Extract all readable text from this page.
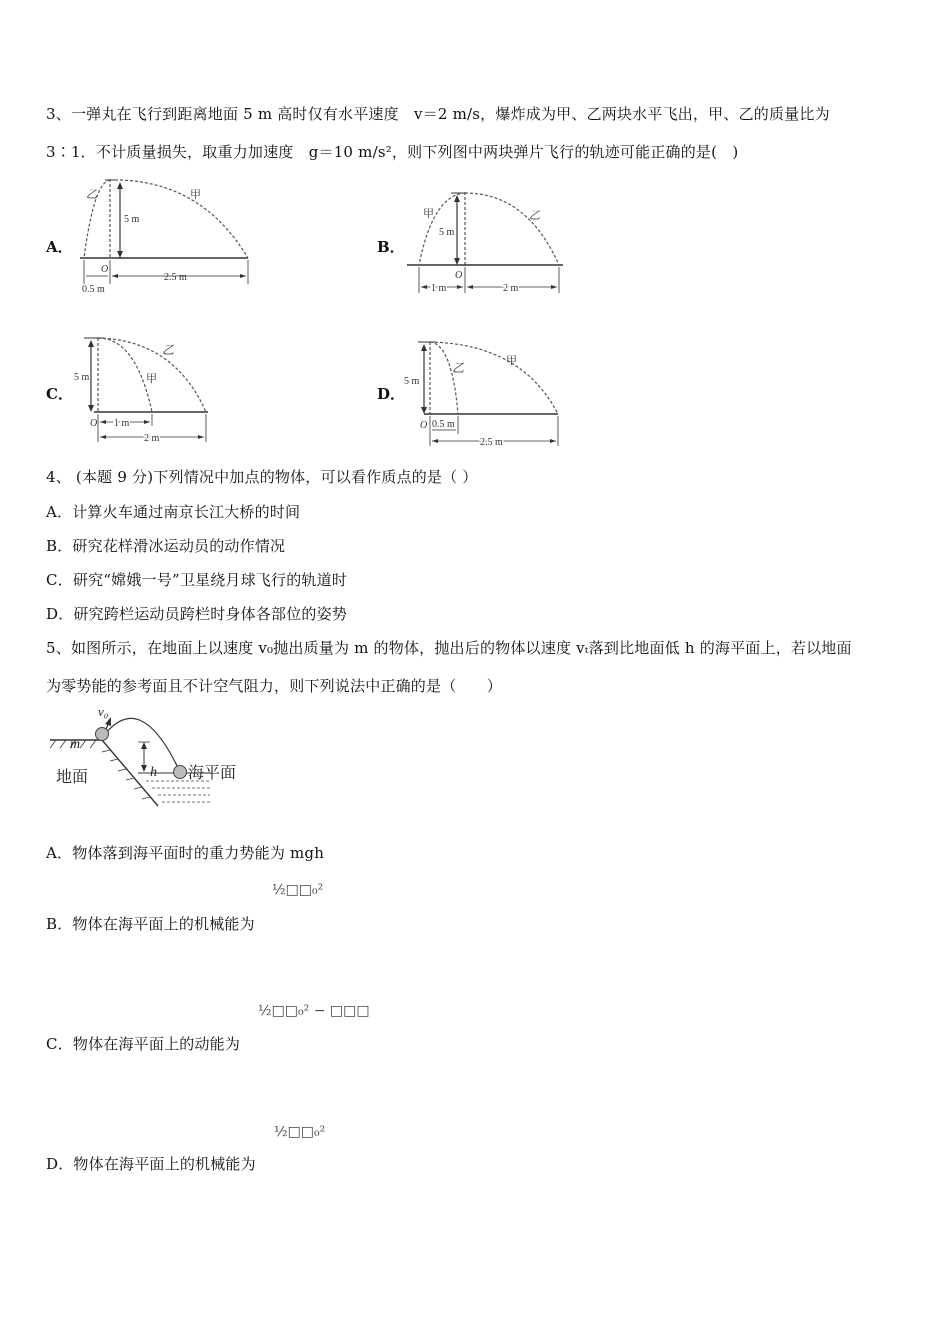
3、一弹丸在飞行到距离地面 5 m 高时仅有水平速度　v＝2 m/s，爆炸成为甲、乙两块水平飞出，甲、乙的质量比为
3∶1．不计质量损失，取重力加速度　g＝10 m/s²，则下列图中两块弹片飞行的轨迹可能正确的是(　)
A．
乙	甲
5 m
O
2.5 m
0.5 m
B．
甲	乙
5 m
O
1 m	2 m
C．
甲
乙
5 m
O 1 m
2 m
D．
乙	甲
5 m
O 0.5 m
2.5 m
4、 (本题 9 分)下列情况中加点的物体，可以看作质点的是（ ）
A．计算火车通过南京长江大桥的时间
B．研究花样滑冰运动员的动作情况
C．研究“嫦娥一号”卫星绕月球飞行的轨道时
D．研究跨栏运动员跨栏时身体各部位的姿势
5、如图所示，在地面上以速度 v₀抛出质量为 m 的物体，抛出后的物体以速度 vₜ落到比地面低 h 的海平面上，若以地面
为零势能的参考面且不计空气阻力，则下列说法中正确的是（　　）
v₀
m
地面	h 海平面
A．物体落到海平面时的重力势能为 mgh
½□□₀²
B．物体在海平面上的机械能为
½□□₀² − □□□
C．物体在海平面上的动能为
½□□₀²
D．物体在海平面上的机械能为
